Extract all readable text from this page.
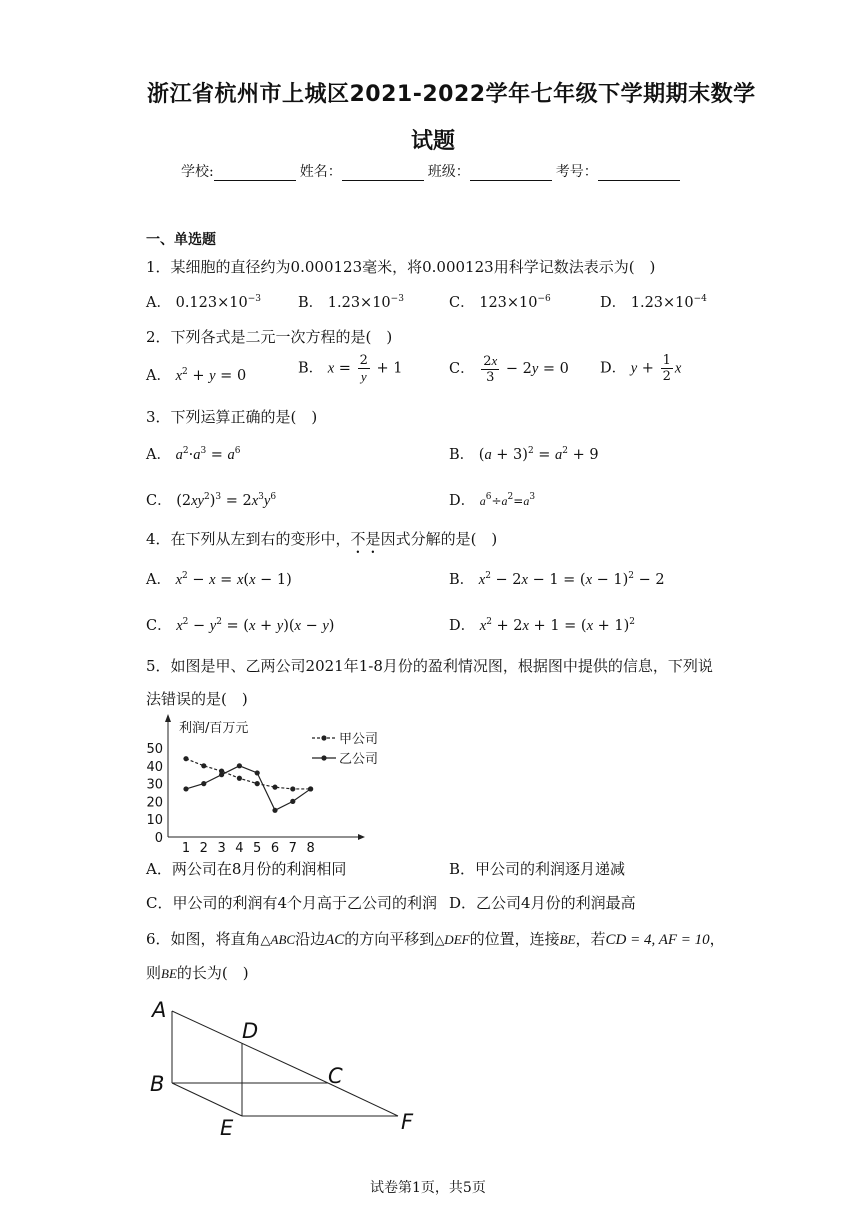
浙江省杭州市上城区2021-2022学年七年级下学期期末数学
试题
学校:	姓名：	班级：	考号：
一、单选题
1．某细胞的直径约为0.000123毫米，将0.000123用科学记数法表示为(　)
A． $0.123\times 10^{-3}$	B． $1.23\times 10^{-3}$	C． $123\times 10^{-6}$	D． $1.23\times 10^{-4}$
2．下列各式是二元一次方程的是(　)
A． $x^2 + y = 0$	B． $x = \frac{2}{y} + 1$	C． $\frac{2x}{3} - 2y = 0$ D． $y + \frac{1}{2}$ x
3．下列运算正确的是(　)
A． $a^2\cdot a^3 = a^6$	B． $(a + 3)^2 = a^2 + 9$
C． $(2xy^2)^3 = 2x^3y^6$	D． $a^6\div a^2=a^3$
4．在下列从左到右的变形中，不是因式分解的是(　)
A． $x^2 - x = x(x - 1)$	B． $x^2 - 2x - 1 = (x - 1)^2 - 2$
C． $x^2 - y^2 = (x + y)(x - y)$	D． $x^2 + 2x + 1 = (x + 1)^2$
5．如图是甲、乙两公司2021年1-8月份的盈利情况图，根据图中提供的信息，下列说
法错误的是(　)
利润/百万元
0
10
20
30
40
50
1 2 3 4 5 6 7 8
甲公司
乙公司
A．两公司在8月份的利润相同	B．甲公司的利润逐月递减
C．甲公司的利润有4个月高于乙公司的利润 D．乙公司4月份的利润最高
6．如图，将直角△ABC沿边AC的方向平移到△DEF的位置，连接BE，若CD = 4, AF = 10，
则BE的长为(　)
A
D
B	C
E	F
试卷第1页，共5页
